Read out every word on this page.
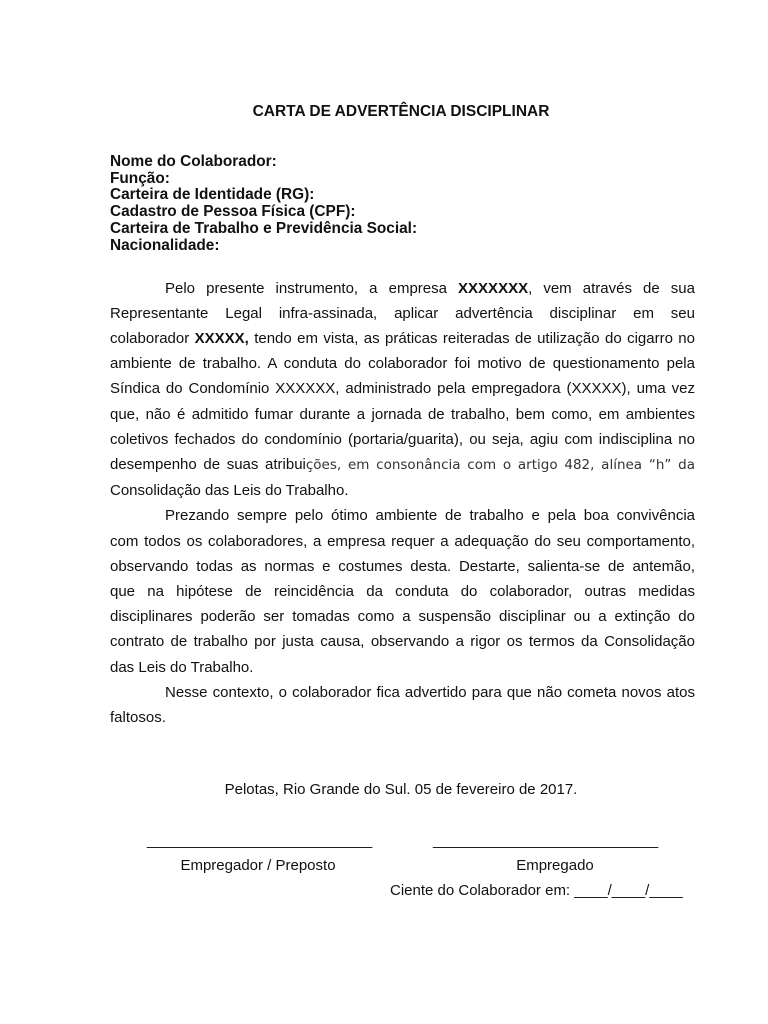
CARTA DE ADVERTÊNCIA DISCIPLINAR
Nome do Colaborador:
Função:
Carteira de Identidade (RG):
Cadastro de Pessoa Física (CPF):
Carteira de Trabalho e Previdência Social:
Nacionalidade:
Pelo presente instrumento, a empresa XXXXXXX, vem através de sua
Representante Legal infra-assinada, aplicar advertência disciplinar em seu
colaborador XXXXX, tendo em vista, as práticas reiteradas de utilização do cigarro no
ambiente de trabalho. A conduta do colaborador foi motivo de questionamento pela
Síndica do Condomínio XXXXXX, administrado pela empregadora (XXXXX), uma vez
que, não é admitido fumar durante a jornada de trabalho, bem como, em ambientes
coletivos fechados do condomínio (portaria/guarita), ou seja, agiu com indisciplina no
desempenho de suas atribuições, em consonância com o artigo 482, alínea “h” da
Consolidação das Leis do Trabalho.
Prezando sempre pelo ótimo ambiente de trabalho e pela boa convivência
com todos os colaboradores, a empresa requer a adequação do seu comportamento,
observando todas as normas e costumes desta. Destarte, salienta-se de antemão,
que na hipótese de reincidência da conduta do colaborador, outras medidas
disciplinares poderão ser tomadas como a suspensão disciplinar ou a extinção do
contrato de trabalho por justa causa, observando a rigor os termos da Consolidação
das Leis do Trabalho.
Nesse contexto, o colaborador fica advertido para que não cometa novos atos
faltosos.
Pelotas, Rio Grande do Sul. 05 de fevereiro de 2017.
___________________________	___________________________
Empregador / Preposto	Empregado
Ciente do Colaborador em: ____/____/____
